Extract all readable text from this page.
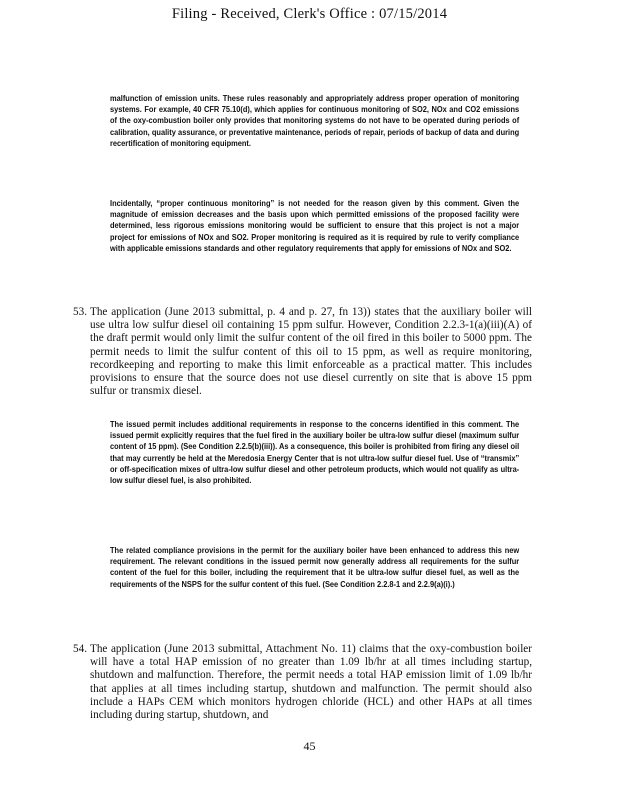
Filing - Received, Clerk's Office : 07/15/2014

malfunction of emission units. These rules reasonably and appropriately address proper operation of monitoring systems. For example, 40 CFR 75.10(d), which applies for continuous monitoring of SO2, NOx and CO2 emissions of the oxy-combustion boiler only provides that monitoring systems do not have to be operated during periods of calibration, quality assurance, or preventative maintenance, periods of repair, periods of backup of data and during recertification of monitoring equipment.

Incidentally, “proper continuous monitoring” is not needed for the reason given by this comment. Given the magnitude of emission decreases and the basis upon which permitted emissions of the proposed facility were determined, less rigorous emissions monitoring would be sufficient to ensure that this project is not a major project for emissions of NOx and SO2. Proper monitoring is required as it is required by rule to verify compliance with applicable emissions standards and other regulatory requirements that apply for emissions of NOx and SO2.

53. The application (June 2013 submittal, p. 4 and p. 27, fn 13)) states that the auxiliary boiler will use ultra low sulfur diesel oil containing 15 ppm sulfur. However, Condition 2.2.3-1(a)(iii)(A) of the draft permit would only limit the sulfur content of the oil fired in this boiler to 5000 ppm. The permit needs to limit the sulfur content of this oil to 15 ppm, as well as require monitoring, recordkeeping and reporting to make this limit enforceable as a practical matter. This includes provisions to ensure that the source does not use diesel currently on site that is above 15 ppm sulfur or transmix diesel.

The issued permit includes additional requirements in response to the concerns identified in this comment. The issued permit explicitly requires that the fuel fired in the auxiliary boiler be ultra-low sulfur diesel (maximum sulfur content of 15 ppm). (See Condition 2.2.5(b)(iii)). As a consequence, this boiler is prohibited from firing any diesel oil that may currently be held at the Meredosia Energy Center that is not ultra-low sulfur diesel fuel. Use of “transmix” or off-specification mixes of ultra-low sulfur diesel and other petroleum products, which would not qualify as ultra-low sulfur diesel fuel, is also prohibited.

The related compliance provisions in the permit for the auxiliary boiler have been enhanced to address this new requirement. The relevant conditions in the issued permit now generally address all requirements for the sulfur content of the fuel for this boiler, including the requirement that it be ultra-low sulfur diesel fuel, as well as the requirements of the NSPS for the sulfur content of this fuel. (See Condition 2.2.8-1 and 2.2.9(a)(i).)

54. The application (June 2013 submittal, Attachment No. 11) claims that the oxy-combustion boiler will have a total HAP emission of no greater than 1.09 lb/hr at all times including startup, shutdown and malfunction. Therefore, the permit needs a total HAP emission limit of 1.09 lb/hr that applies at all times including startup, shutdown and malfunction. The permit should also include a HAPs CEM which monitors hydrogen chloride (HCL) and other HAPs at all times including during startup, shutdown, and

45
